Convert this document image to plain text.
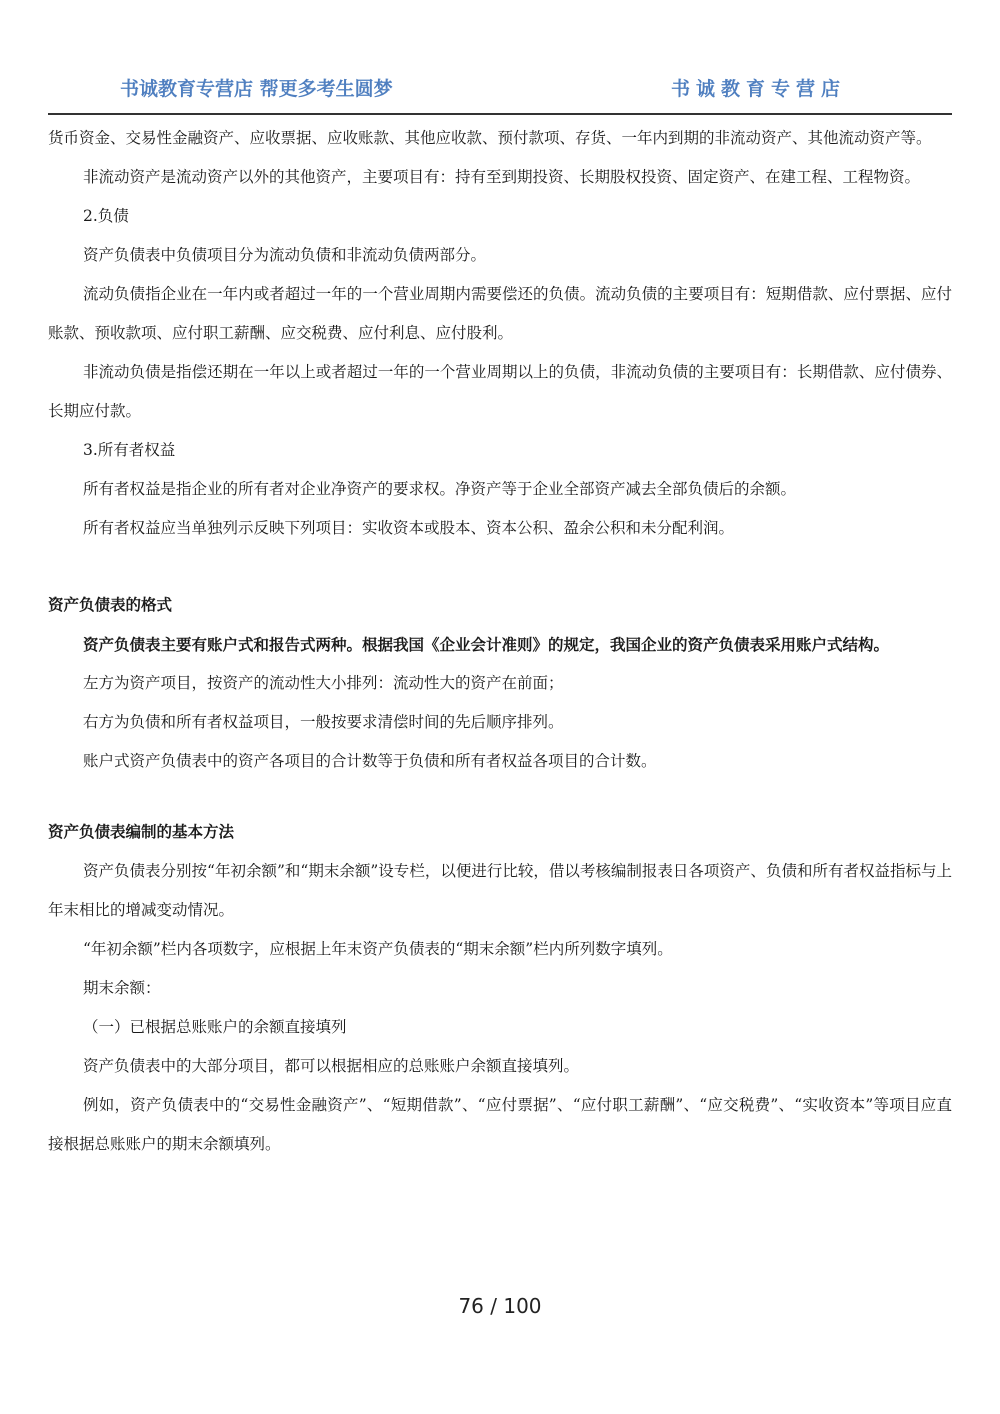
书诚教育专营店 帮更多考生圆梦	书诚教育专营店

货币资金、交易性金融资产、应收票据、应收账款、其他应收款、预付款项、存货、一年内到期的非流动资产、其他流动资产等。

非流动资产是流动资产以外的其他资产，主要项目有：持有至到期投资、长期股权投资、固定资产、在建工程、工程物资。

2.负债

资产负债表中负债项目分为流动负债和非流动负债两部分。

流动负债指企业在一年内或者超过一年的一个营业周期内需要偿还的负债。流动负债的主要项目有：短期借款、应付票据、应付账款、预收款项、应付职工薪酬、应交税费、应付利息、应付股利。

非流动负债是指偿还期在一年以上或者超过一年的一个营业周期以上的负债，非流动负债的主要项目有：长期借款、应付债券、长期应付款。

3.所有者权益

所有者权益是指企业的所有者对企业净资产的要求权。净资产等于企业全部资产减去全部负债后的余额。

所有者权益应当单独列示反映下列项目：实收资本或股本、资本公积、盈余公积和未分配利润。

资产负债表的格式

资产负债表主要有账户式和报告式两种。根据我国《企业会计准则》的规定，我国企业的资产负债表采用账户式结构。

左方为资产项目，按资产的流动性大小排列：流动性大的资产在前面；

右方为负债和所有者权益项目，一般按要求清偿时间的先后顺序排列。

账户式资产负债表中的资产各项目的合计数等于负债和所有者权益各项目的合计数。

资产负债表编制的基本方法

资产负债表分别按“年初余额”和“期末余额”设专栏，以便进行比较，借以考核编制报表日各项资产、负债和所有者权益指标与上年末相比的增减变动情况。

“年初余额”栏内各项数字，应根据上年末资产负债表的“期末余额”栏内所列数字填列。

期末余额：

（一）已根据总账账户的余额直接填列

资产负债表中的大部分项目，都可以根据相应的总账账户余额直接填列。

例如，资产负债表中的“交易性金融资产”、“短期借款”、“应付票据”、“应付职工薪酬”、“应交税费”、“实收资本”等项目应直接根据总账账户的期末余额填列。

76 / 100
